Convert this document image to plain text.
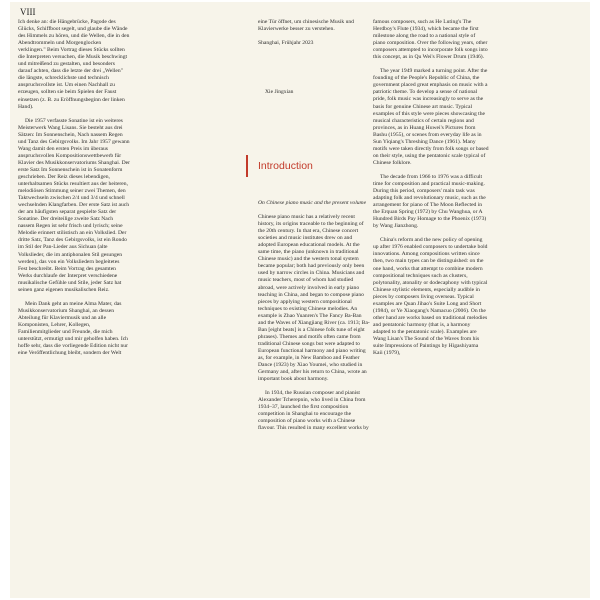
VIII

Ich denke an: die Hängebrücke, Pagode des Glücks, Schiffboot segelt, und glaube die Wände des Himmels zu hören, und die Wellen, die in den Abendtrommeln und Morgenglocken verklingen." Beim Vortrag dieses Stücks sollten die Interpreten versuchen, die Musik beschwingt und mitreißend zu gestalten, und besonders darauf achten, dass die letzte der drei „Wellen" die längste, schrecklichste und technisch anspruchsvollste ist. Um einen Nachhall zu erzeugen, sollten sie beim Spielen der Faust einsetzen (z. B. zu Eröffnungsbeginn der linken Hand).

Die 1957 verfasste Sonatine ist ein weiteres Meisterwerk Wang Lisans. Sie besteht aus drei Sätzen: Im Sonnenschein, Nach nassem Regen und Tanz des Gebirgsvolks. Im Jahr 1957 gewann Wang damit den ersten Preis im überaus anspruchsvollen Kompositionswettbewerb für Klavier des Musikkonservatoriums Shanghai. Der erste Satz Im Sonnenschein ist in Sonatenform geschrieben. Der Reiz dieses lebendigen, unterhaltsamen Stücks resultiert aus der heiteren, melodiösen Stimmung seiner zwei Themen, den Taktwechseln zwischen 2/4 und 3/4 und schnell wechselnden Klangfarben. Der erste Satz ist auch der am häufigsten separat gespielte Satz der Sonatine. Der dreiteilige zweite Satz Nach nassem Regen ist sehr frisch und lyrisch; seine Melodie erinnert stilistisch an ein Volkslied. Der dritte Satz, Tanz des Gebirgsvolks, ist ein Rondo im Stil der Pan-Lieder aus Sichuan (alte Volkslieder, die im antiphonalen Stil gesungen werden), das von ein Volksliedern begleitetes Fest beschreibt. Beim Vortrag des gesamten Werks durchlaufe der Interpret verschiedene musikalische Gefühle und Stile, jeder Satz hat seinen ganz eigenen musikalischen Reiz.

Mein Dank geht an meine Alma Mater, das Musikkonservatorium Shanghai, an dessen Abteilung für Klaviermusik und an alle Komponisten, Lehrer, Kollegen, Familienmitglieder und Freunde, die mich unterstützt, ermutigt und mir geholfen haben. Ich hoffe sehr, dass die vorliegende Edition nicht nur eine Veröffentlichung bleibt, sondern der Welt

eine Tür öffnet, um chinesische Musik und Klavierwerke besser zu verstehen.

Shanghai, Frühjahr 2023

Xie Jingxian

Introduction

On Chinese piano music and the present volume

Chinese piano music has a relatively recent history, its origins traceable to the beginning of the 20th century. In that era, Chinese concert societies and music institutes drew on and adopted European educational models. At the same time, the piano (unknown in traditional Chinese music) and the western tonal system became popular; both had previously only been used by narrow circles in China. Musicians and music teachers, most of whom had studied abroad, were actively involved in early piano teaching in China, and began to compose piano pieces by applying western compositional techniques to existing Chinese melodies. An example is Zhao Yuanren's The Fancy Ba-Ban and the Waves of Xiangjiang River (ca. 1913; Ba-Ban [eight beats] is a Chinese folk tune of eight phrases). Themes and motifs often came from traditional Chinese songs but were adapted to European functional harmony and piano writing as, for example, in New Bamboo and Feather Dance (1923) by Xiao Youmei, who studied in Germany and, after his return to China, wrote an important book about harmony.

In 1934, the Russian composer and pianist Alexander Tcherepnin, who lived in China from 1934–37, launched the first composition competition in Shanghai to encourage the composition of piano works with a Chinese flavour. This resulted in many excellent works by

famous composers, such as He Luting's The Herdboy's Flute (1934), which became the first milestone along the road to a national style of piano composition. Over the following years, other composers attempted to incorporate folk songs into this concept, as in Qu Wei's Flower Drum (1946).

The year 1949 marked a turning point. After the founding of the People's Republic of China, the government placed great emphasis on music with a patriotic theme. To develop a sense of national pride, folk music was increasingly to serve as the basis for genuine Chinese art music. Typical examples of this style were pieces showcasing the musical characteristics of certain regions and provinces, as in Huang Huwei's Pictures from Bashu (1955), or scenes from everyday life as in Sun Yiqiang's Threshing Dance (1961). Many motifs were taken directly from folk songs or based on their style, using the pentatonic scale typical of Chinese folklore.

The decade from 1966 to 1976 was a difficult time for composition and practical music-making. During this period, composers' main task was adapting folk and revolutionary music, such as the arrangement for piano of The Moon Reflected in the Erquan Spring (1972) by Chu Wanghua, or A Hundred Birds Pay Homage to the Phoenix (1973) by Wang Jianzhong.

China's reform and the new policy of opening up after 1976 enabled composers to undertake bold innovations. Among compositions written since then, two main types can be distinguished: on the one hand, works that attempt to combine modern compositional techniques such as clusters, polytonality, atonality or dodecaphony with typical Chinese stylistic elements, especially audible in pieces by composers living overseas. Typical examples are Quan Jihao's Suite Long and Short (1984), or Ye Xiaogang's Namacuo (2006). On the other hand are works based on traditional melodies and pentatonic harmony (that is, a harmony adapted to the pentatonic scale). Examples are Wang Lisan's The Sound of the Waves from his suite Impressions of Paintings by Higashiyama Kaii (1979),
